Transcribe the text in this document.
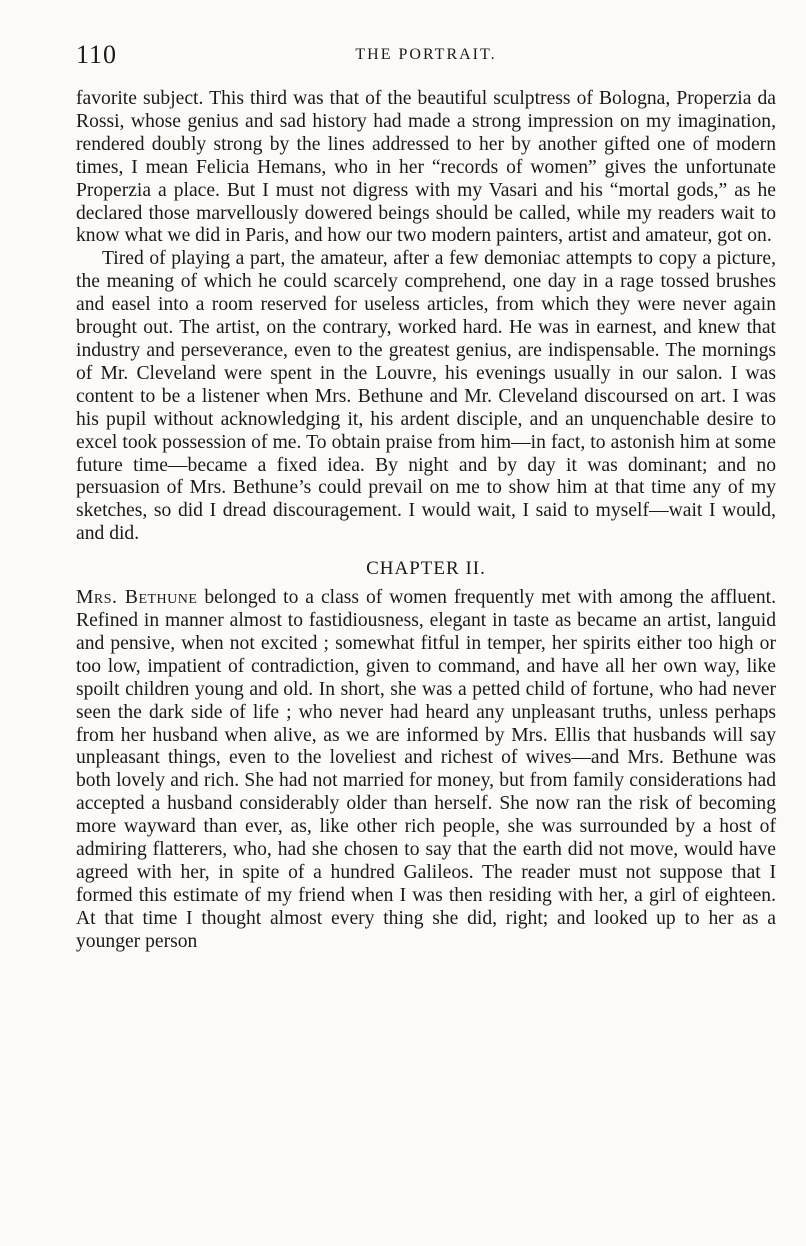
110	THE PORTRAIT.

favorite subject. This third was that of the beautiful sculptress of Bologna, Properzia da Rossi, whose genius and sad history had made a strong impression on my imagination, rendered doubly strong by the lines addressed to her by another gifted one of modern times, I mean Felicia Hemans, who in her “records of women” gives the unfortunate Properzia a place. But I must not digress with my Vasari and his “mortal gods,” as he declared those marvellously dowered beings should be called, while my readers wait to know what we did in Paris, and how our two modern painters, artist and amateur, got on.

Tired of playing a part, the amateur, after a few demoniac attempts to copy a picture, the meaning of which he could scarcely comprehend, one day in a rage tossed brushes and easel into a room reserved for useless articles, from which they were never again brought out. The artist, on the contrary, worked hard. He was in earnest, and knew that industry and perseverance, even to the greatest genius, are indispensable. The mornings of Mr. Cleveland were spent in the Louvre, his evenings usually in our salon. I was content to be a listener when Mrs. Bethune and Mr. Cleveland discoursed on art. I was his pupil without acknowledging it, his ardent disciple, and an unquenchable desire to excel took possession of me. To obtain praise from him—in fact, to astonish him at some future time—became a fixed idea. By night and by day it was dominant; and no persuasion of Mrs. Bethune’s could prevail on me to show him at that time any of my sketches, so did I dread discouragement. I would wait, I said to myself—wait I would, and did.

CHAPTER II.

Mrs. Bethune belonged to a class of women frequently met with among the affluent. Refined in manner almost to fastidiousness, elegant in taste as became an artist, languid and pensive, when not excited ; somewhat fitful in temper, her spirits either too high or too low, impatient of contradiction, given to command, and have all her own way, like spoilt children young and old. In short, she was a petted child of fortune, who had never seen the dark side of life ; who never had heard any unpleasant truths, unless perhaps from her husband when alive, as we are informed by Mrs. Ellis that husbands will say unpleasant things, even to the loveliest and richest of wives—and Mrs. Bethune was both lovely and rich. She had not married for money, but from family considerations had accepted a husband considerably older than herself. She now ran the risk of becoming more wayward than ever, as, like other rich people, she was surrounded by a host of admiring flatterers, who, had she chosen to say that the earth did not move, would have agreed with her, in spite of a hundred Galileos. The reader must not suppose that I formed this estimate of my friend when I was then residing with her, a girl of eighteen. At that time I thought almost every thing she did, right; and looked up to her as a younger person
